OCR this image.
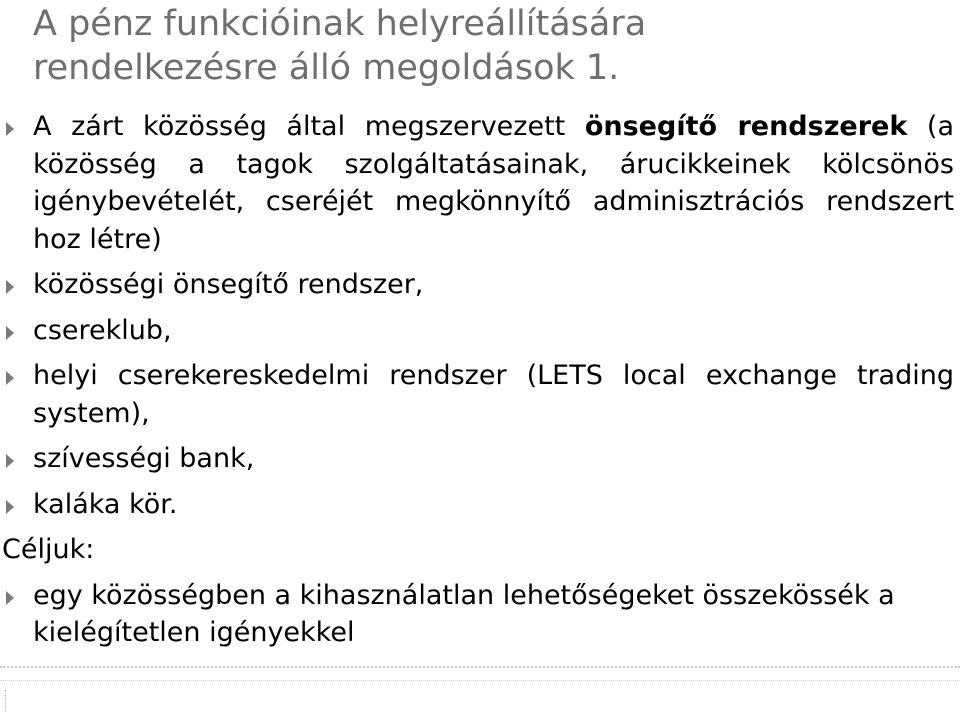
A pénz funkcióinak helyreállítására
rendelkezésre álló megoldások 1.
A zárt közösség által megszervezett önsegítő rendszerek (a közösség a tagok szolgáltatásainak, árucikkeinek kölcsönös igénybevételét, cseréjét megkönnyítő adminisztrációs rendszert hoz létre)
közösségi önsegítő rendszer,
csereklub,
helyi cserekereskedelmi rendszer (LETS local exchange trading system),
szívességi bank,
kaláka kör.
Céljuk:
egy közösségben a kihasználatlan lehetőségeket összekössék a kielégítetlen igényekkel
